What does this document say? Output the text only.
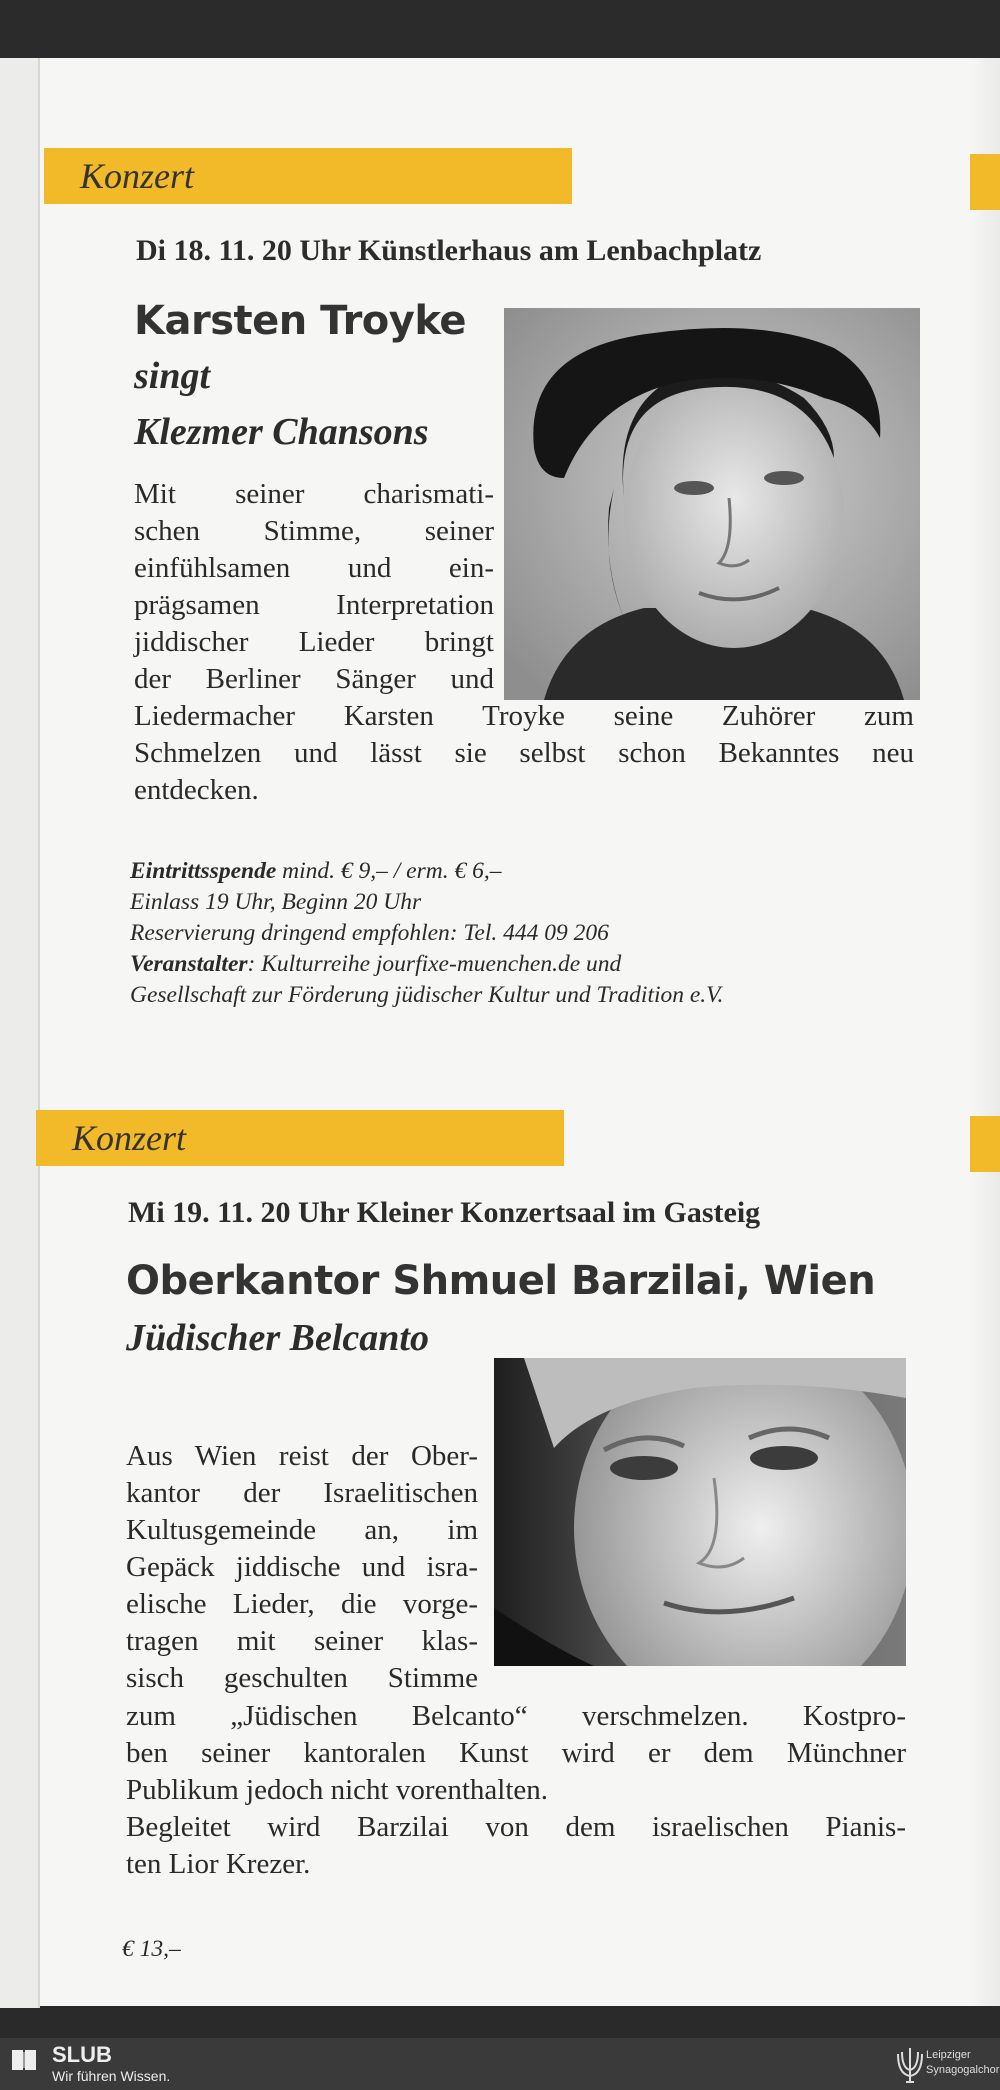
Konzert
Di 18. 11. 20 Uhr Künstlerhaus am Lenbachplatz
Karsten Troyke
singt
Klezmer Chansons
Mit seiner charismati-
schen Stimme, seiner
einfühlsamen und ein-
prägsamen Interpretation
jiddischer Lieder bringt
der Berliner Sänger und
Liedermacher Karsten Troyke seine Zuhörer zum
Schmelzen und lässt sie selbst schon Bekanntes neu
entdecken.
Eintrittsspende mind. € 9,– / erm. € 6,–
Einlass 19 Uhr, Beginn 20 Uhr
Reservierung dringend empfohlen: Tel. 444 09 206
Veranstalter: Kulturreihe jourfixe-muenchen.de und
Gesellschaft zur Förderung jüdischer Kultur und Tradition e.V.
Konzert
Mi 19. 11. 20 Uhr Kleiner Konzertsaal im Gasteig
Oberkantor Shmuel Barzilai, Wien
Jüdischer Belcanto
Aus Wien reist der Ober-
kantor der Israelitischen
Kultusgemeinde an, im
Gepäck jiddische und isra-
elische Lieder, die vorge-
tragen mit seiner klas-
sisch geschulten Stimme
zum „Jüdischen Belcanto“ verschmelzen. Kostpro-
ben seiner kantoralen Kunst wird er dem Münchner
Publikum jedoch nicht vorenthalten.
Begleitet wird Barzilai von dem israelischen Pianis-
ten Lior Krezer.
€ 13,–
SLUB
Wir führen Wissen.
Leipziger
Synagogalchor
